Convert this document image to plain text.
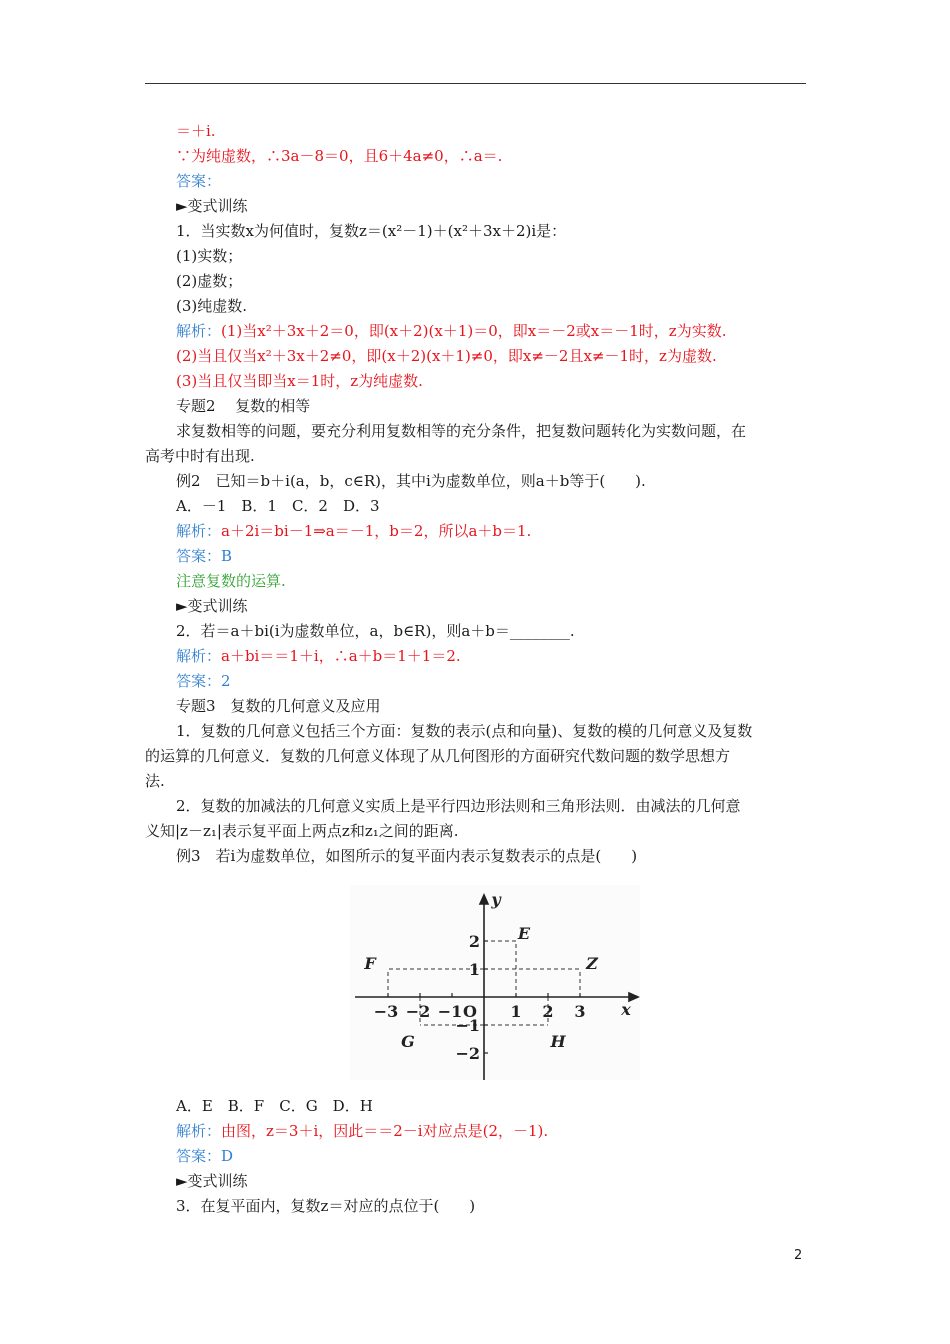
＝＋i.
∵为纯虚数，∴3a－8＝0，且6＋4a≠0，∴a＝.
答案：
►变式训练
1．当实数x为何值时，复数z＝(x²－1)＋(x²＋3x＋2)i是：
(1)实数；
(2)虚数；
(3)纯虚数.
解析：(1)当x²＋3x＋2＝0，即(x＋2)(x＋1)＝0，即x＝－2或x＝－1时，z为实数.
(2)当且仅当x²＋3x＋2≠0，即(x＋2)(x＋1)≠0，即x≠－2且x≠－1时，z为虚数.
(3)当且仅当即当x＝1时，z为纯虚数.
专题2　 复数的相等
求复数相等的问题，要充分利用复数相等的充分条件，把复数问题转化为实数问题，在
高考中时有出现.
例2　已知＝b＋i(a，b，c∈R)，其中i为虚数单位，则a＋b等于(　　).
A．－1　B．1　C．2　D．3
解析：a＋2i＝bi－1⇒a＝－1，b＝2，所以a＋b＝1.
答案：B
注意复数的运算.
►变式训练
2．若＝a＋bi(i为虚数单位，a，b∈R)，则a＋b＝________.
解析：a＋bi＝＝1＋i，∴a＋b＝1＋1＝2.
答案：2
专题3　复数的几何意义及应用
1．复数的几何意义包括三个方面：复数的表示(点和向量)、复数的模的几何意义及复数
的运算的几何意义．复数的几何意义体现了从几何图形的方面研究代数问题的数学思想方
法.
2．复数的加减法的几何意义实质上是平行四边形法则和三角形法则．由减法的几何意
义知|z－z₁|表示复平面上两点z和z₁之间的距离.
例3　若i为虚数单位，如图所示的复平面内表示复数表示的点是(　　)
A．E　B．F　C．G　D．H
解析：由图，z＝3＋i，因此＝＝2－i对应点是(2，－1).
答案：D
►变式训练
3．在复平面内，复数z＝对应的点位于(　　)
−3 −2 −1	1 2 3
2
1
−1
−2
O	x
y
E
F	Z
G	H
2
